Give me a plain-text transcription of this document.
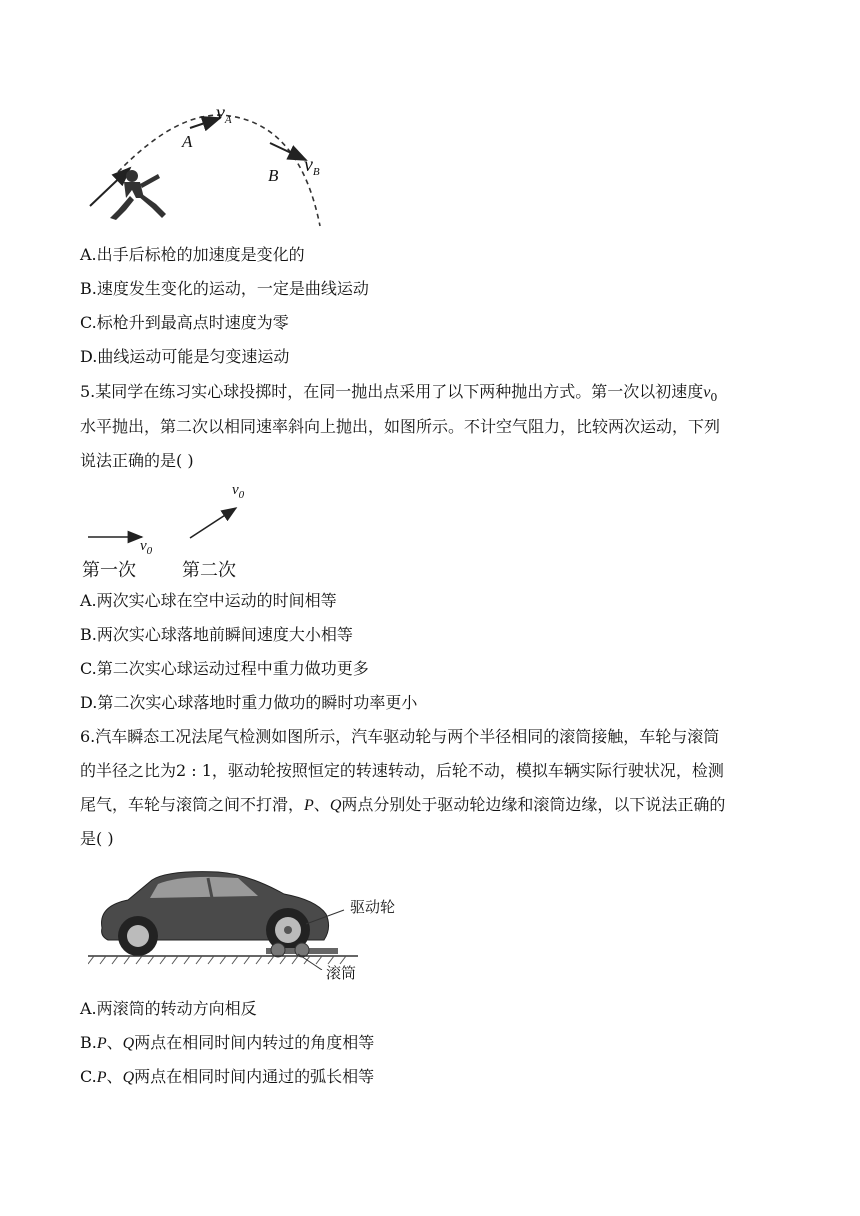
$v_A$
A
B $v_B$
A.出手后标枪的加速度是变化的
B.速度发生变化的运动，一定是曲线运动
C.标枪升到最高点时速度为零
D.曲线运动可能是匀变速运动
5.某同学在练习实心球投掷时，在同一抛出点采用了以下两种抛出方式。第一次以初速度$v_0$
水平抛出，第二次以相同速率斜向上抛出，如图所示。不计空气阻力，比较两次运动，下列
说法正确的是( )
$v_0$
$v_0$
第一次	第二次
A.两次实心球在空中运动的时间相等
B.两次实心球落地前瞬间速度大小相等
C.第二次实心球运动过程中重力做功更多
D.第二次实心球落地时重力做功的瞬时功率更小
6.汽车瞬态工况法尾气检测如图所示，汽车驱动轮与两个半径相同的滚筒接触，车轮与滚筒
的半径之比为2 : 1，驱动轮按照恒定的转速转动，后轮不动，模拟车辆实际行驶状况，检测
尾气，车轮与滚筒之间不打滑，P、Q两点分别处于驱动轮边缘和滚筒边缘，以下说法正确的
是( )
驱动轮
滚筒
A.两滚筒的转动方向相反
B.P、Q两点在相同时间内转过的角度相等
C.P、Q两点在相同时间内通过的弧长相等
